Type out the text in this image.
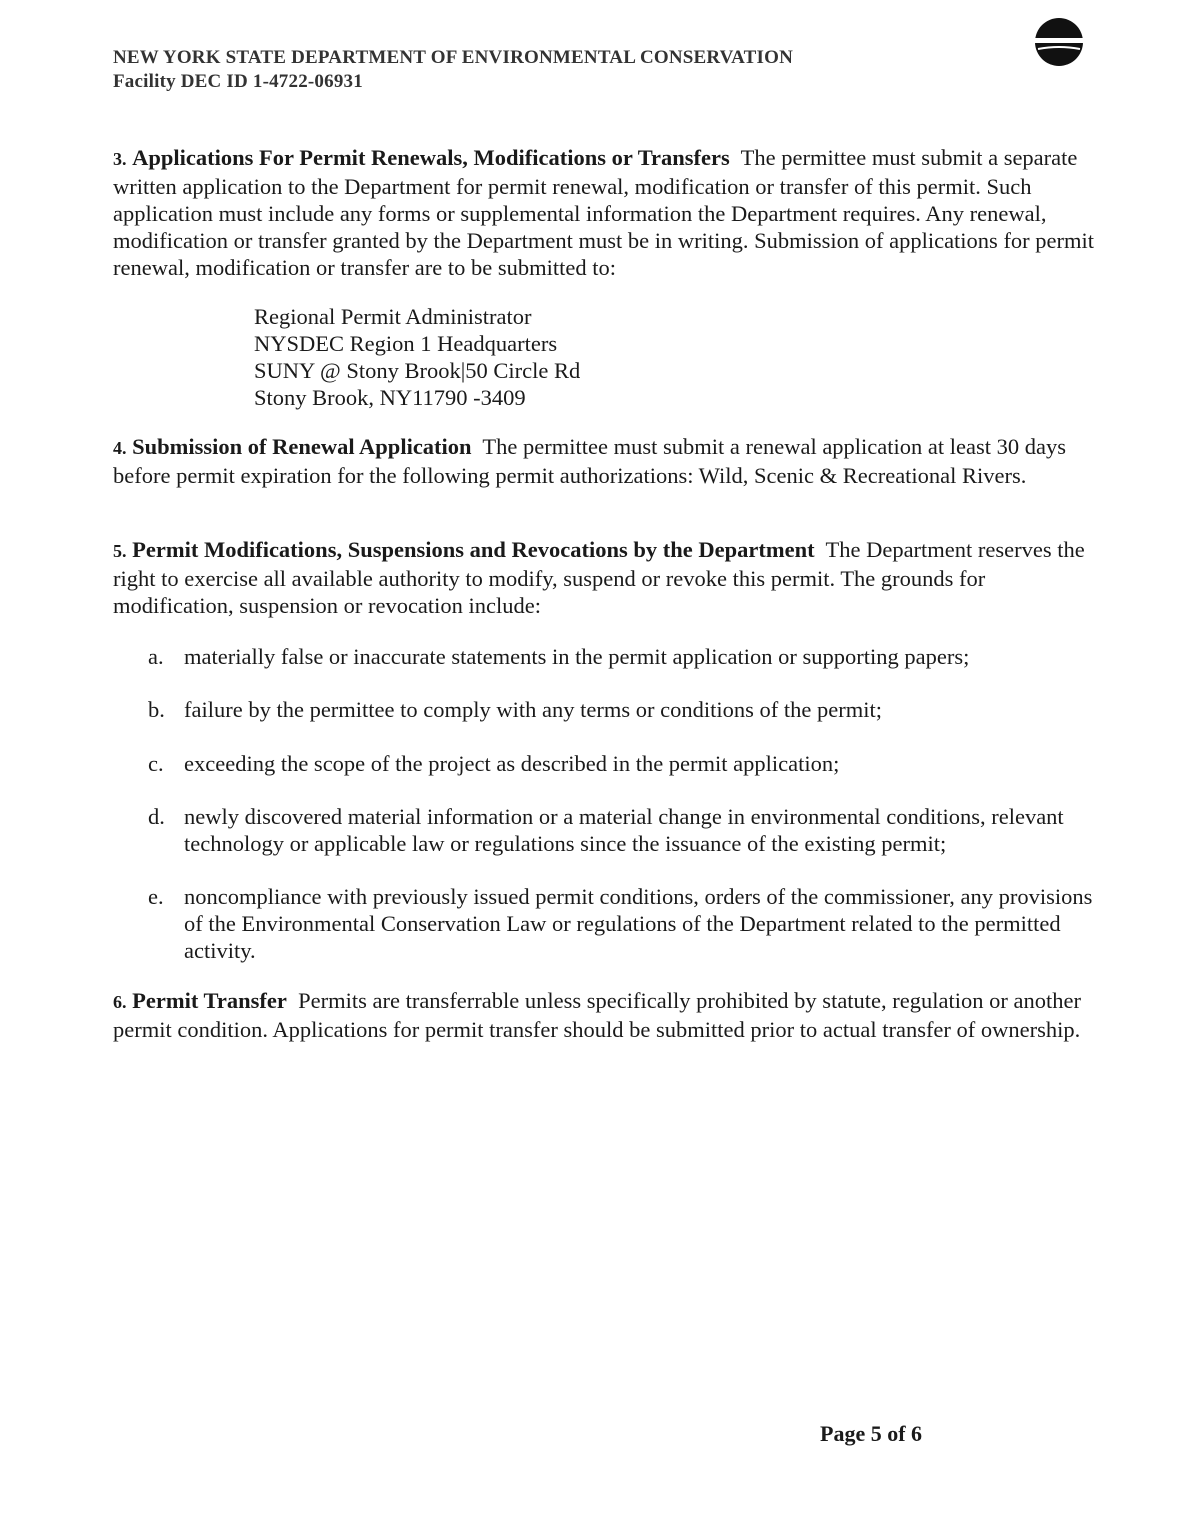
NEW YORK STATE DEPARTMENT OF ENVIRONMENTAL CONSERVATION
Facility DEC ID 1-4722-06931
3. Applications For Permit Renewals, Modifications or Transfers The permittee must submit a separate written application to the Department for permit renewal, modification or transfer of this permit. Such application must include any forms or supplemental information the Department requires. Any renewal, modification or transfer granted by the Department must be in writing. Submission of applications for permit renewal, modification or transfer are to be submitted to:
Regional Permit Administrator
NYSDEC Region 1 Headquarters
SUNY @ Stony Brook|50 Circle Rd
Stony Brook, NY11790 -3409
4. Submission of Renewal Application The permittee must submit a renewal application at least 30 days before permit expiration for the following permit authorizations: Wild, Scenic & Recreational Rivers.
5. Permit Modifications, Suspensions and Revocations by the Department The Department reserves the right to exercise all available authority to modify, suspend or revoke this permit. The grounds for modification, suspension or revocation include:
a. materially false or inaccurate statements in the permit application or supporting papers;
b. failure by the permittee to comply with any terms or conditions of the permit;
c. exceeding the scope of the project as described in the permit application;
d. newly discovered material information or a material change in environmental conditions, relevant technology or applicable law or regulations since the issuance of the existing permit;
e. noncompliance with previously issued permit conditions, orders of the commissioner, any provisions of the Environmental Conservation Law or regulations of the Department related to the permitted activity.
6. Permit Transfer Permits are transferrable unless specifically prohibited by statute, regulation or another permit condition. Applications for permit transfer should be submitted prior to actual transfer of ownership.
Page 5 of 6
